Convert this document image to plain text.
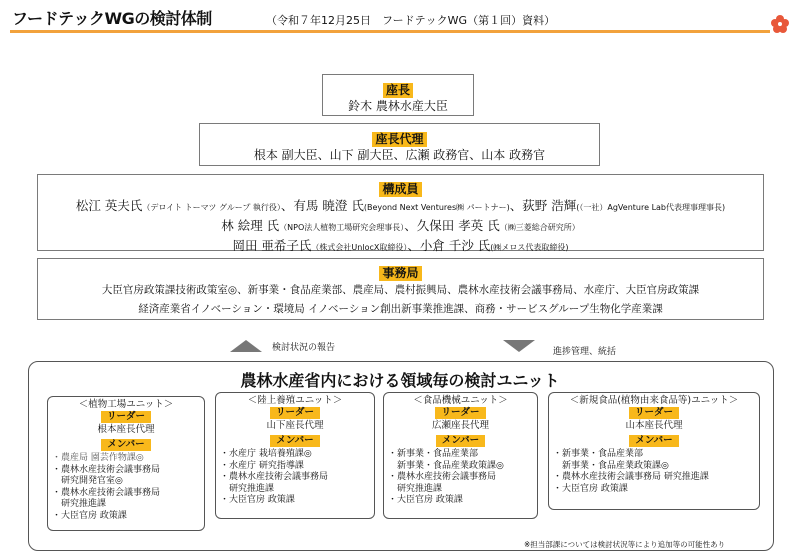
フードテックWGの検討体制	（令和７年12月25日　フードテックWG（第１回）資料）
座長
鈴木 農林水産大臣
座長代理
根本 副大臣、山下 副大臣、広瀬 政務官、山本 政務官
構成員
松江 英夫氏（デロイト トーマツ グループ 執行役）、有馬 暁澄 氏(Beyond Next Ventures㈱ パートナー)、荻野 浩輝(（一社）AgVenture Lab代表理事理事長)
林 絵理 氏（NPO法人植物工場研究会理事長）、久保田 孝英 氏（㈱三菱総合研究所）
岡田 亜希子氏（株式会社UnlocX取締役）、小倉 千沙 氏(㈱メロス代表取締役)
事務局
大臣官房政策課技術政策室◎、新事業・食品産業部、農産局、農村振興局、農林水産技術会議事務局、水産庁、大臣官房政策課
経済産業省イノベーション・環境局 イノベーション創出新事業推進課、商務・サービスグループ生物化学産業課
検討状況の報告	進捗管理、統括
農林水産省内における領域毎の検討ユニット
＜植物工場ユニット＞
リーダー
根本座長代理
メンバー
・農産局 園芸作物課◎
・農林水産技術会議事務局
　研究開発官室◎
・農林水産技術会議事務局
　研究推進課
・大臣官房 政策課
＜陸上養殖ユニット＞
リーダー
山下座長代理
メンバー
・水産庁 栽培養殖課◎
・水産庁 研究指導課
・農林水産技術会議事務局
　研究推進課
・大臣官房 政策課
＜食品機械ユニット＞
リーダー
広瀬座長代理
メンバー
・新事業・食品産業部
　新事業・食品産業政策課◎
・農林水産技術会議事務局
　研究推進課
・大臣官房 政策課
＜新規食品(植物由来食品等)ユニット＞
リーダー
山本座長代理
メンバー
・新事業・食品産業部
　新事業・食品産業政策課◎
・農林水産技術会議事務局 研究推進課
・大臣官房 政策課
※担当部課については検討状況等により追加等の可能性あり
